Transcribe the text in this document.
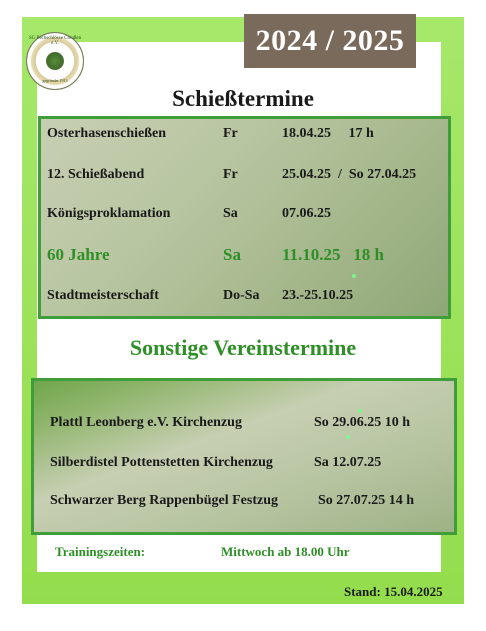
SG Pechschlösse Creußen e.V.
gegründet 1913
2024 / 2025
Schießtermine
Osterhasenschießen	Fr	18.04.25     17 h
12. Schießabend	Fr	25.04.25  /  So 27.04.25
Königsproklamation	Sa	07.06.25
60 Jahre	Sa 11.10.25   18 h
Stadtmeisterschaft	Do-Sa 23.-25.10.25
Sonstige Vereinstermine
Plattl Leonberg e.V. Kirchenzug	So 29.06.25 10 h
Silberdistel Pottenstetten Kirchenzug	Sa 12.07.25
Schwarzer Berg Rappenbügel Festzug	So 27.07.25 14 h
Trainingszeiten:	Mittwoch ab 18.00 Uhr
Stand: 15.04.2025
